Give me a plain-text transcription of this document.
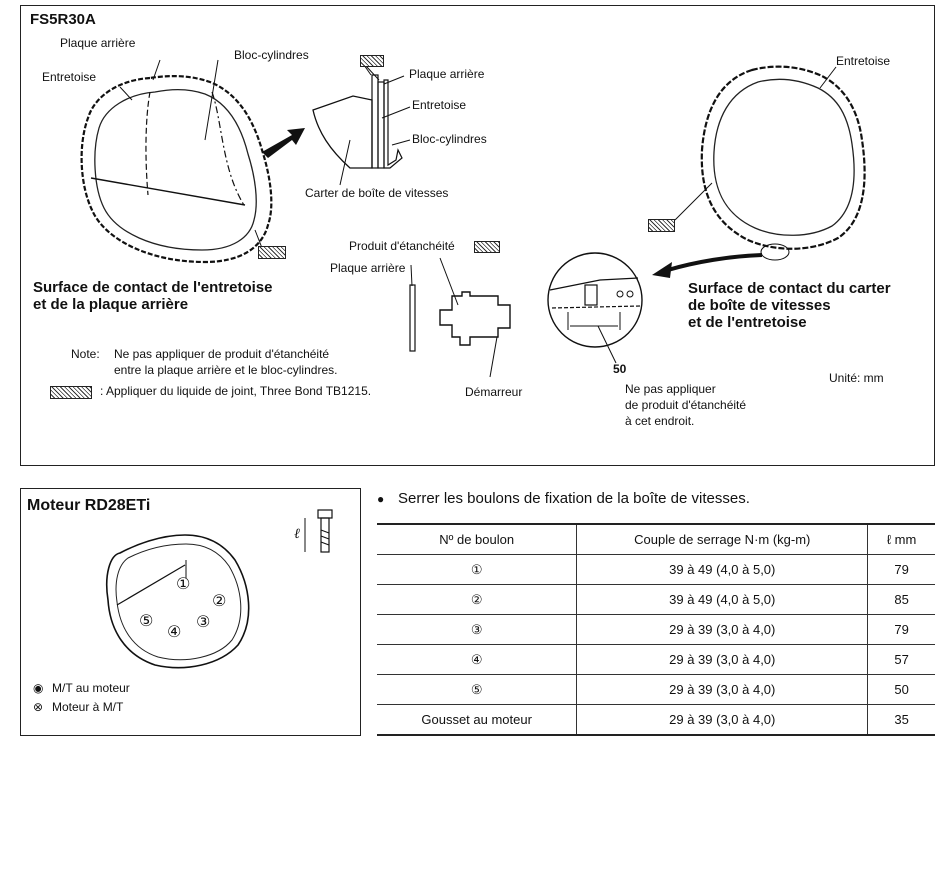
FS5R30A
Plaque arrière
Entretoise
Bloc-cylindres
Plaque arrière
Entretoise
Bloc-cylindres
Carter de boîte de vitesses
Produit d'étanchéité
Plaque arrière
Démarreur
Entretoise
50
Surface de contact de l'entretoise
et de la plaque arrière
Surface de contact du carter
de boîte de vitesses
et de l'entretoise
Note: Ne pas appliquer de produit d'étanchéité
entre la plaque arrière et le bloc-cylindres.
: Appliquer du liquide de joint, Three Bond TB1215.	Ne pas appliquer
de produit d'étanchéité
à cet endroit.
Unité: mm
Moteur RD28ETi
ℓ
①
②
③
④
⑤
◉ M/T au moteur
⊗ Moteur à M/T
● Serrer les boulons de fixation de la boîte de vitesses.
Nº de boulon	Couple de serrage N·m (kg-m)	ℓ mm
①	39 à 49 (4,0 à 5,0)	79
②	39 à 49 (4,0 à 5,0)	85
③	29 à 39 (3,0 à 4,0)	79
④	29 à 39 (3,0 à 4,0)	57
⑤	29 à 39 (3,0 à 4,0)	50
Gousset au moteur	29 à 39 (3,0 à 4,0)	35
